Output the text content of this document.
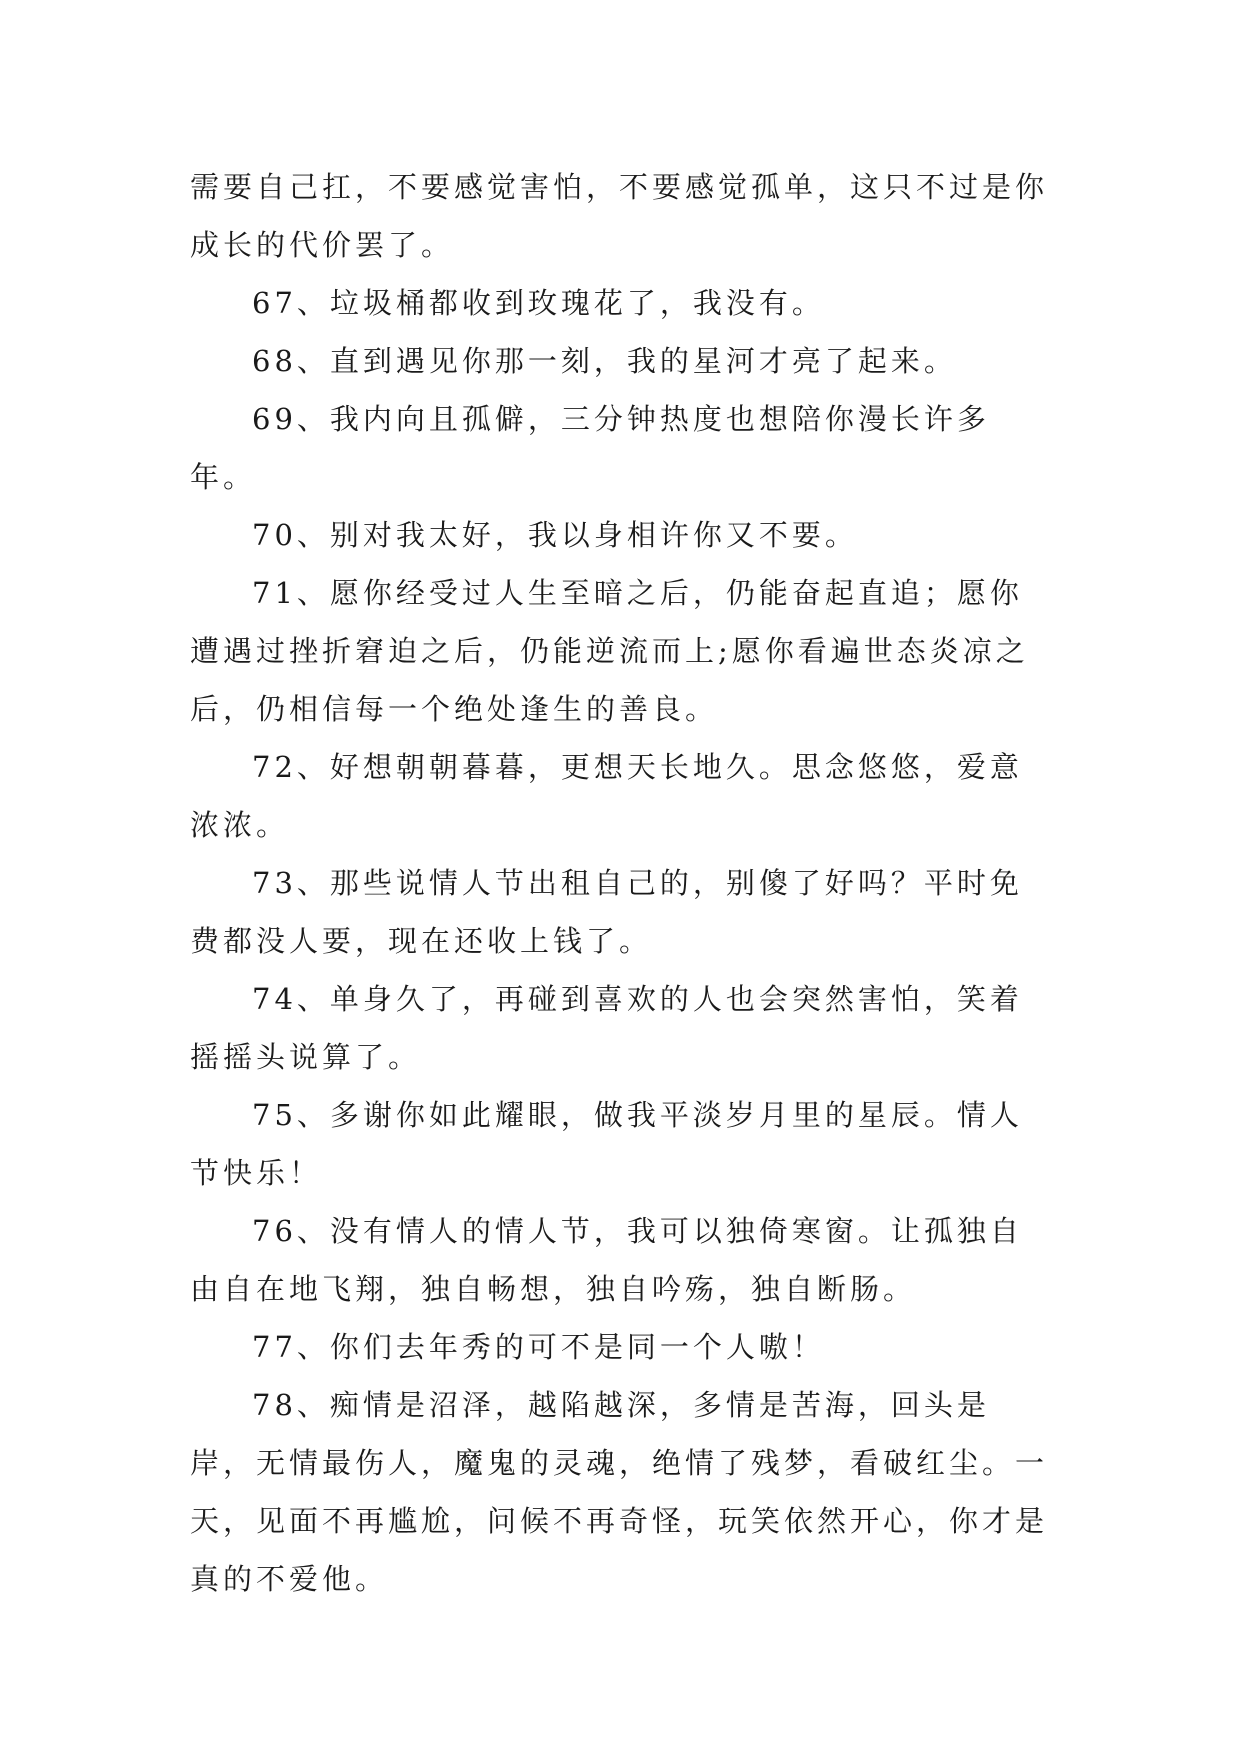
需要自己扛，不要感觉害怕，不要感觉孤单，这只不过是你成长的代价罢了。

67、垃圾桶都收到玫瑰花了，我没有。

68、直到遇见你那一刻，我的星河才亮了起来。

69、我内向且孤僻，三分钟热度也想陪你漫长许多年。

70、别对我太好，我以身相许你又不要。

71、愿你经受过人生至暗之后，仍能奋起直追；愿你遭遇过挫折窘迫之后，仍能逆流而上;愿你看遍世态炎凉之后，仍相信每一个绝处逢生的善良。

72、好想朝朝暮暮，更想天长地久。思念悠悠，爱意浓浓。

73、那些说情人节出租自己的，别傻了好吗？平时免费都没人要，现在还收上钱了。

74、单身久了，再碰到喜欢的人也会突然害怕，笑着摇摇头说算了。

75、多谢你如此耀眼，做我平淡岁月里的星辰。情人节快乐！

76、没有情人的情人节，我可以独倚寒窗。让孤独自由自在地飞翔，独自畅想，独自吟殇，独自断肠。

77、你们去年秀的可不是同一个人嗷！

78、痴情是沼泽，越陷越深，多情是苦海，回头是岸，无情最伤人，魔鬼的灵魂，绝情了残梦，看破红尘。一天，见面不再尴尬，问候不再奇怪，玩笑依然开心，你才是真的不爱他。
